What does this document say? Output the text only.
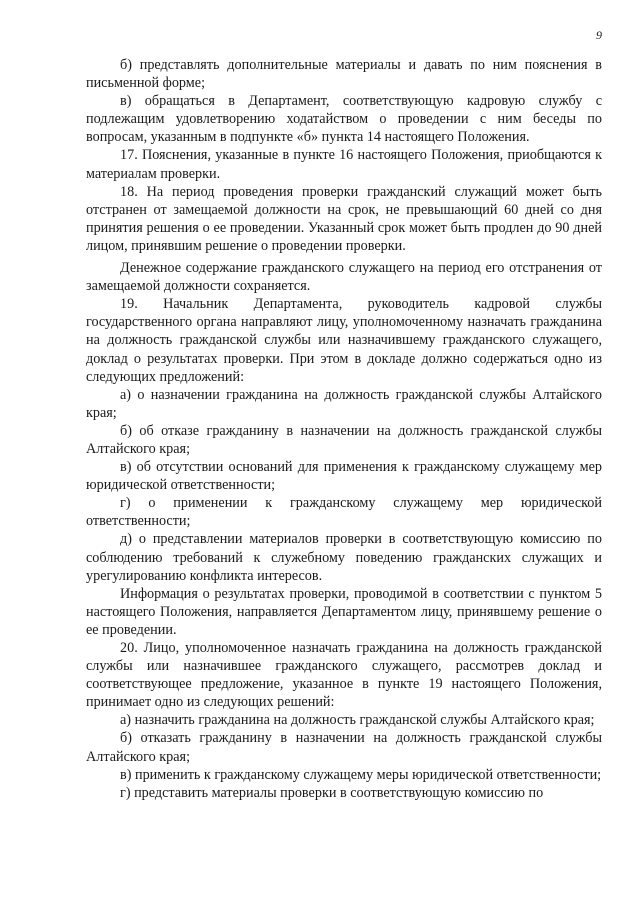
9

б) представлять дополнительные материалы и давать по ним пояснения в письменной форме;

в) обращаться в Департамент, соответствующую кадровую службу с подлежащим удовлетворению ходатайством о проведении с ним беседы по вопросам, указанным в подпункте «б» пункта 14 настоящего Положения.

17. Пояснения, указанные в пункте 16 настоящего Положения, приобщаются к материалам проверки.

18. На период проведения проверки гражданский служащий может быть отстранен от замещаемой должности на срок, не превышающий 60 дней со дня принятия решения о ее проведении. Указанный срок может быть продлен до 90 дней лицом, принявшим решение о проведении проверки.

Денежное содержание гражданского служащего на период его отстранения от замещаемой должности сохраняется.

19. Начальник Департамента, руководитель кадровой службы государственного органа направляют лицу, уполномоченному назначать гражданина на должность гражданской службы или назначившему гражданского служащего, доклад о результатах проверки. При этом в докладе должно содержаться одно из следующих предложений:

а) о назначении гражданина на должность гражданской службы Алтайского края;

б) об отказе гражданину в назначении на должность гражданской службы Алтайского края;

в) об отсутствии оснований для применения к гражданскому служащему мер юридической ответственности;

г) о применении к гражданскому служащему мер юридической ответственности;

д) о представлении материалов проверки в соответствующую комиссию по соблюдению требований к служебному поведению гражданских служащих и урегулированию конфликта интересов.

Информация о результатах проверки, проводимой в соответствии с пунктом 5 настоящего Положения, направляется Департаментом лицу, принявшему решение о ее проведении.

20. Лицо, уполномоченное назначать гражданина на должность гражданской службы или назначившее гражданского служащего, рассмотрев доклад и соответствующее предложение, указанное в пункте 19 настоящего Положения, принимает одно из следующих решений:

а) назначить гражданина на должность гражданской службы Алтайского края;

б) отказать гражданину в назначении на должность гражданской службы Алтайского края;

в) применить к гражданскому служащему меры юридической ответственности;

г) представить материалы проверки в соответствующую комиссию по
